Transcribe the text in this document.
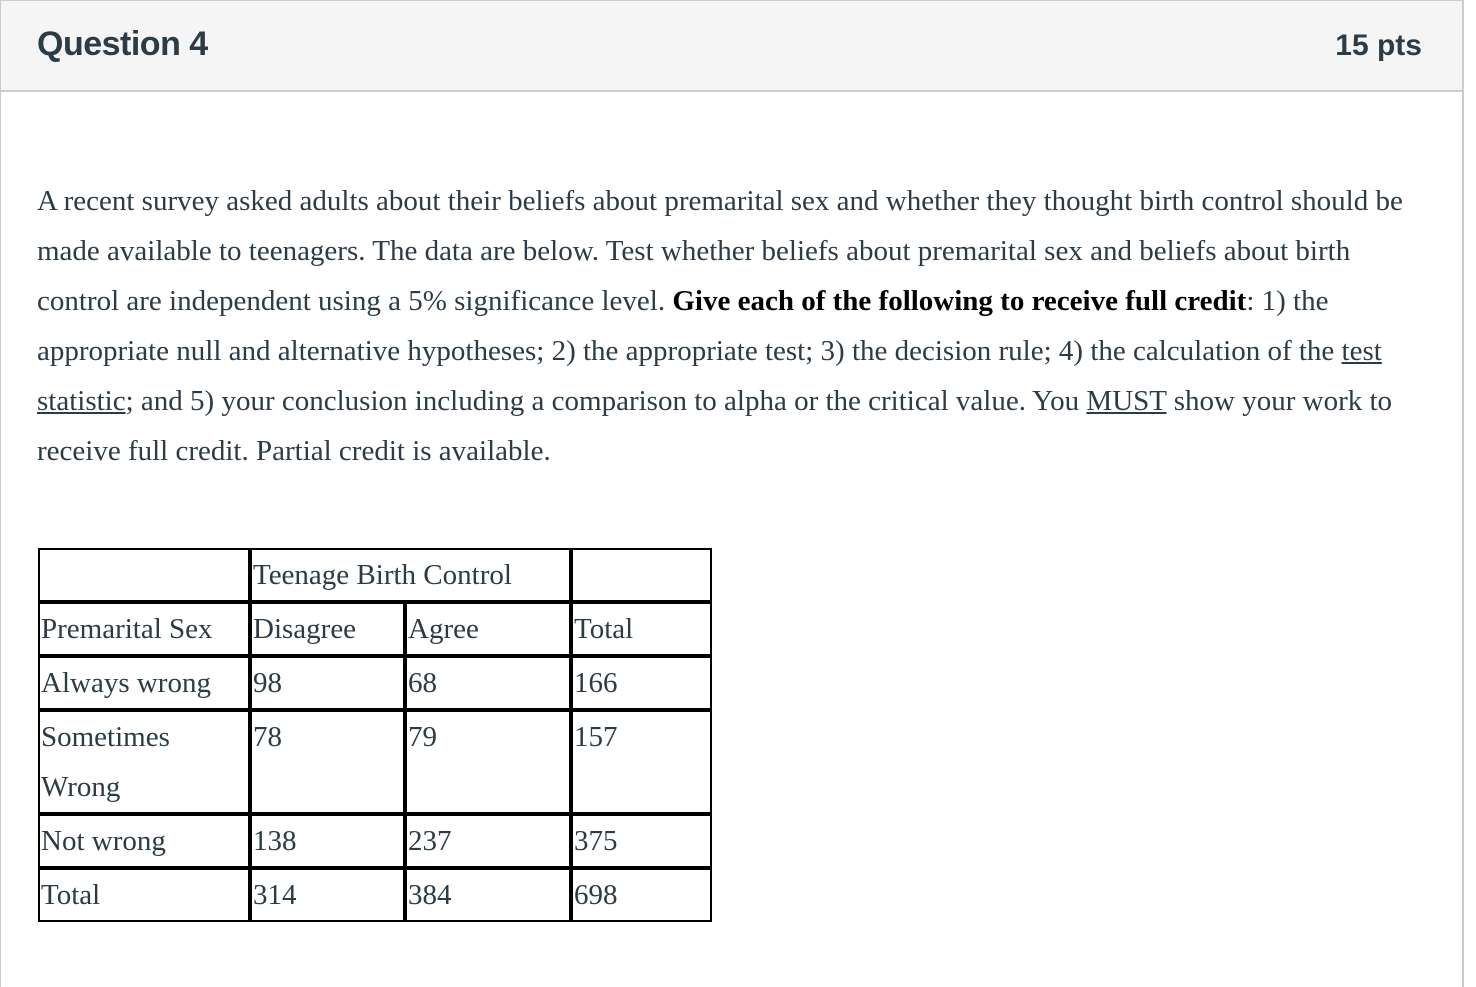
Question 4	15 pts
A recent survey asked adults about their beliefs about premarital sex and whether they thought birth control should be made available to teenagers. The data are below. Test whether beliefs about premarital sex and beliefs about birth control are independent using a 5% significance level. Give each of the following to receive full credit: 1) the appropriate null and alternative hypotheses; 2) the appropriate test; 3) the decision rule; 4) the calculation of the test statistic; and 5) your conclusion including a comparison to alpha or the critical value. You MUST show your work to receive full credit. Partial credit is available.
	Teenage Birth Control		
Premarital Sex	Disagree	Agree	Total
Always wrong	98	68	166
Sometimes Wrong	78	79	157
Not wrong	138	237	375
Total	314	384	698
